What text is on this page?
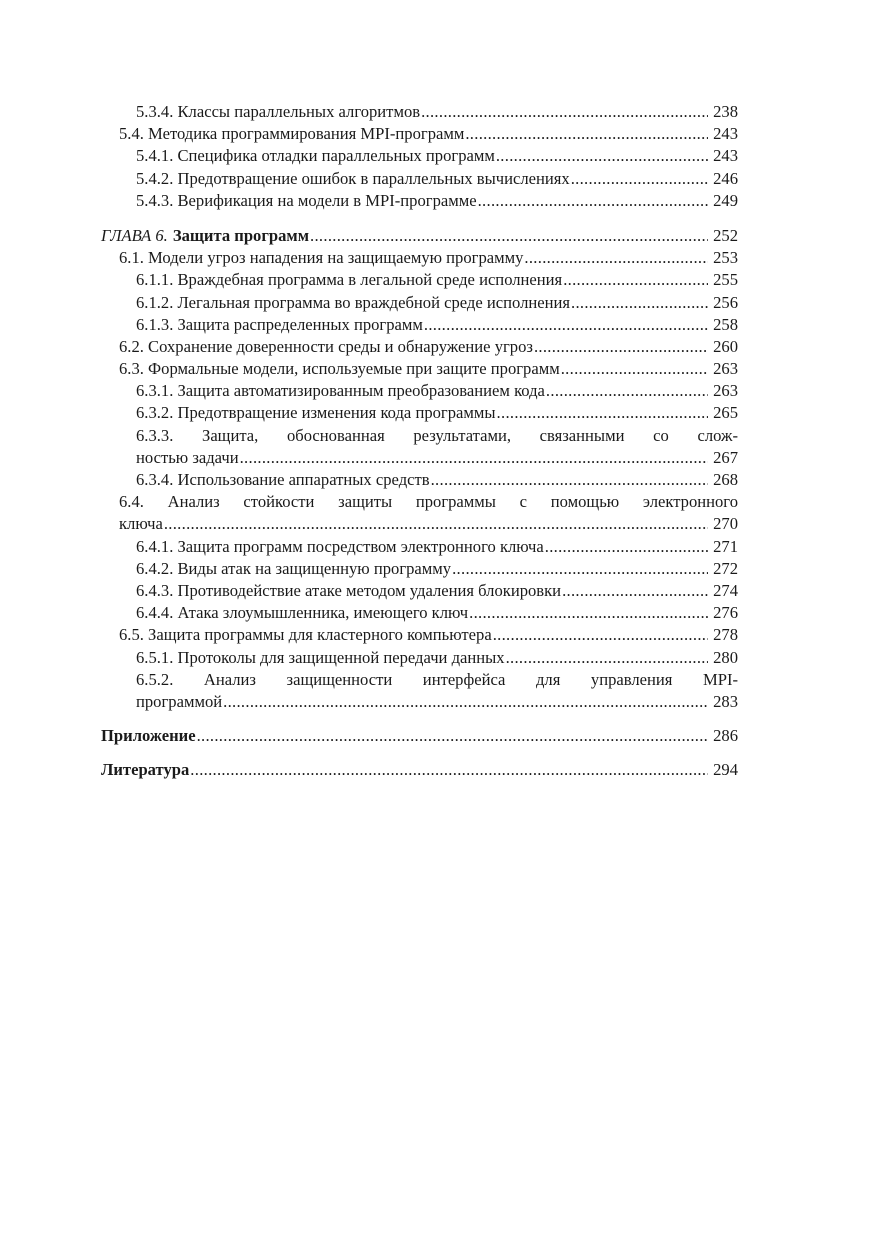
5.3.4. Классы параллельных алгоритмов .....	238
5.4. Методика программирования MPI-программ .....	243
5.4.1. Специфика отладки параллельных программ .....	243
5.4.2. Предотвращение ошибок в параллельных вычислениях .....	246
5.4.3. Верификация на модели в MPI-программе .....	249
ГЛАВА 6. Защита программ .....	252
6.1. Модели угроз нападения на защищаемую программу .....	253
6.1.1. Враждебная программа в легальной среде исполнения .....	255
6.1.2. Легальная программа во враждебной среде исполнения .....	256
6.1.3. Защита распределенных программ .....	258
6.2. Сохранение доверенности среды и обнаружение угроз .....	260
6.3. Формальные модели, используемые при защите программ .....	263
6.3.1. Защита автоматизированным преобразованием кода .....	263
6.3.2. Предотвращение изменения кода программы .....	265
6.3.3. Защита, обоснованная результатами, связанными со слож-
ностью задачи .....	267
6.3.4. Использование аппаратных средств .....	268
6.4. Анализ стойкости защиты программы с помощью электронного
ключа .....	270
6.4.1. Защита программ посредством электронного ключа .....	271
6.4.2. Виды атак на защищенную программу .....	272
6.4.3. Противодействие атаке методом удаления блокировки .....	274
6.4.4. Атака злоумышленника, имеющего ключ .....	276
6.5. Защита программы для кластерного компьютера .....	278
6.5.1. Протоколы для защищенной передачи данных .....	280
6.5.2. Анализ защищенности интерфейса для управления MPI-
программой .....	283
Приложение .....	286
Литература .....	294
